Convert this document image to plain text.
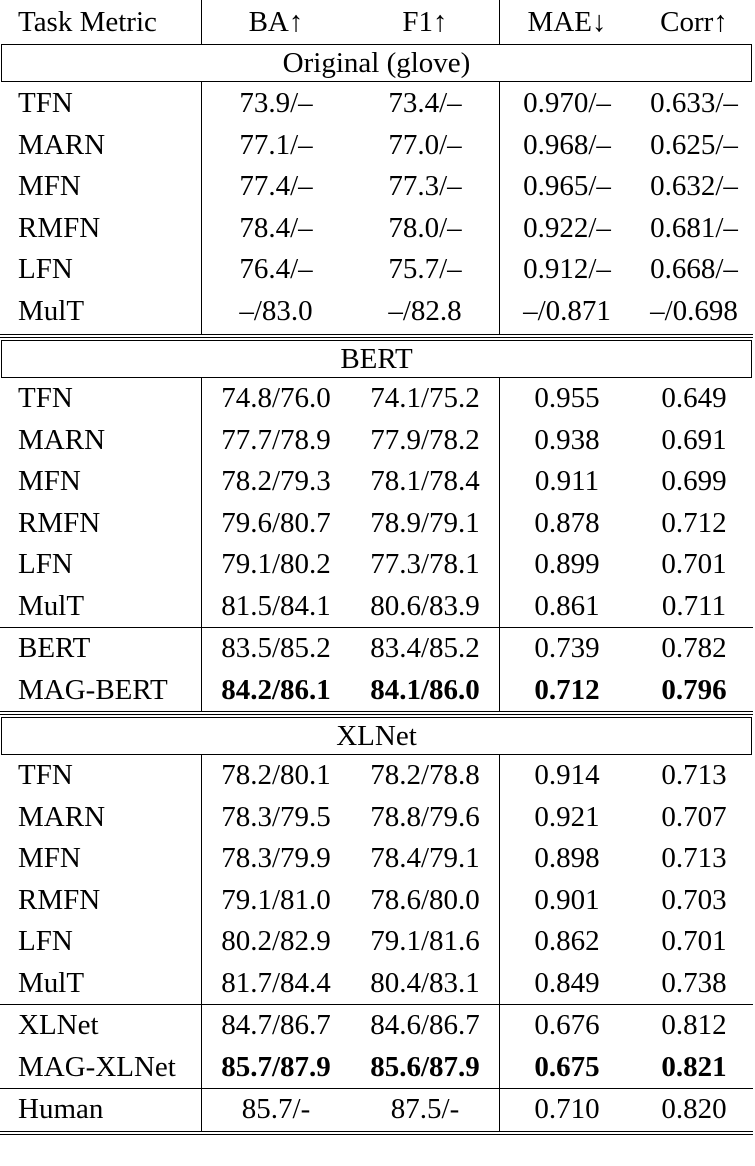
Task Metric	BA↑	F1↑	MAE↓	Corr↑
Original (glove)
TFN	73.9/–	73.4/–	0.970/–	0.633/–
MARN	77.1/–	77.0/–	0.968/–	0.625/–
MFN	77.4/–	77.3/–	0.965/–	0.632/–
RMFN	78.4/–	78.0/–	0.922/–	0.681/–
LFN	76.4/–	75.7/–	0.912/–	0.668/–
MulT	–/83.0	–/82.8	–/0.871	–/0.698
BERT
TFN	74.8/76.0	74.1/75.2	0.955	0.649
MARN	77.7/78.9	77.9/78.2	0.938	0.691
MFN	78.2/79.3	78.1/78.4	0.911	0.699
RMFN	79.6/80.7	78.9/79.1	0.878	0.712
LFN	79.1/80.2	77.3/78.1	0.899	0.701
MulT	81.5/84.1	80.6/83.9	0.861	0.711
BERT	83.5/85.2	83.4/85.2	0.739	0.782
MAG-BERT	84.2/86.1	84.1/86.0	0.712	0.796
XLNet
TFN	78.2/80.1	78.2/78.8	0.914	0.713
MARN	78.3/79.5	78.8/79.6	0.921	0.707
MFN	78.3/79.9	78.4/79.1	0.898	0.713
RMFN	79.1/81.0	78.6/80.0	0.901	0.703
LFN	80.2/82.9	79.1/81.6	0.862	0.701
MulT	81.7/84.4	80.4/83.1	0.849	0.738
XLNet	84.7/86.7	84.6/86.7	0.676	0.812
MAG-XLNet	85.7/87.9	85.6/87.9	0.675	0.821
Human	85.7/-	87.5/-	0.710	0.820
